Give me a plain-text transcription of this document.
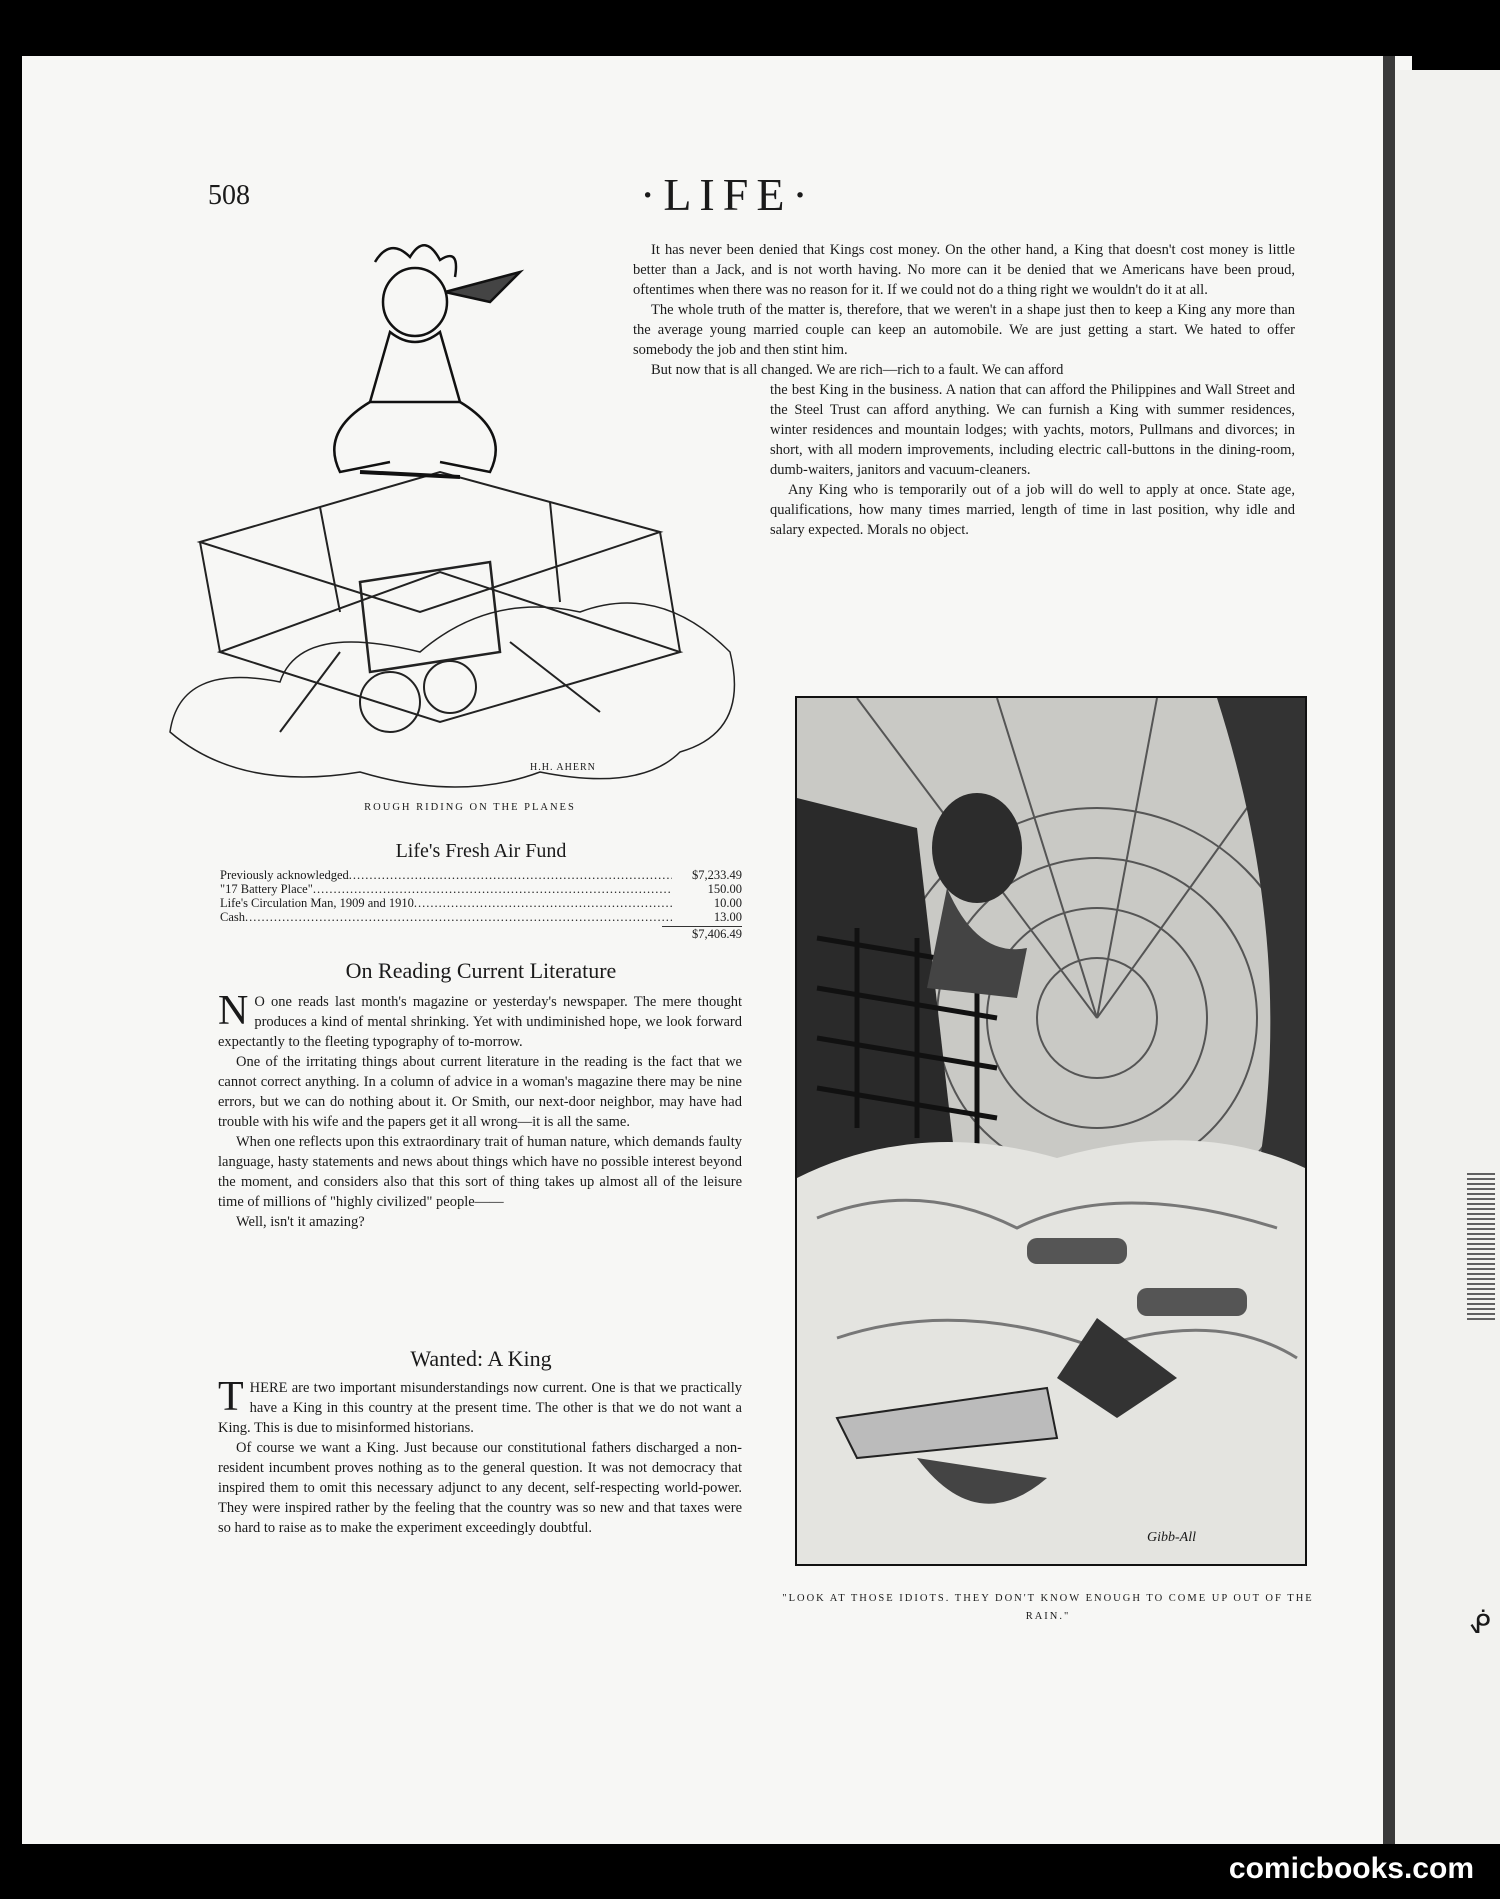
ᕶ
508	·LIFE·

It has never been denied that Kings cost money. On the other hand, a King that doesn't cost money is little better than a Jack, and is not worth having. No more can it be denied that we Americans have been proud, oftentimes when there was no reason for it. If we could not do a thing right we wouldn't do it at all.

The whole truth of the matter is, therefore, that we weren't in a shape just then to keep a King any more than the average young married couple can keep an automobile. We are just getting a start. We hated to offer somebody the job and then stint him.

But now that is all changed. We are rich—rich to a fault. We can afford

the best King in the business. A nation that can afford the Philippines and Wall Street and the Steel Trust can afford anything. We can furnish a King with summer residences, winter residences and mountain lodges; with yachts, motors, Pullmans and divorces; in short, with all modern improvements, including electric call-buttons in the dining-room, dumb-waiters, janitors and vacuum-cleaners.

Any King who is temporarily out of a job will do well to apply at once. State age, qualifications, how many times married, length of time in last position, why idle and salary expected. Morals no object.

H.H. AHERN
ROUGH RIDING ON THE PLANES
Life's Fresh Air Fund
Previously acknowledged .....	$7,233.49
"17 Battery Place" .....	150.00
Life's Circulation Man, 1909 and 1910 .....	10.00
Cash .....	13.00
$7,406.49
On Reading Current Literature

N O one reads last month's magazine or yesterday's newspaper. The mere thought produces a kind of mental shrinking. Yet with undiminished hope, we look forward expectantly to the fleeting typography of to-morrow.

One of the irritating things about current literature in the reading is the fact that we cannot correct anything. In a column of advice in a woman's magazine there may be nine errors, but we can do nothing about it. Or Smith, our next-door neighbor, may have had trouble with his wife and the papers get it all wrong—it is all the same.

When one reflects upon this extraordinary trait of human nature, which demands faulty language, hasty statements and news about things which have no possible interest beyond the moment, and considers also that this sort of thing takes up almost all of the leisure time of millions of "highly civilized" people——

Well, isn't it amazing?

Wanted: A King

THERE are two important misunderstandings now current. One is that we practically have a King in this country at the present time. The other is that we do not want a King. This is due to misinformed historians.

Of course we want a King. Just because our constitutional fathers discharged a non-resident incumbent proves nothing as to the general question. It was not democracy that inspired them to omit this necessary adjunct to any decent, self-respecting world-power. They were inspired rather by the feeling that the country was so new and that taxes were so hard to raise as to make the experiment exceedingly doubtful.

Gibb-All
"LOOK AT THOSE IDIOTS. THEY DON'T KNOW ENOUGH TO COME UP OUT OF THE RAIN."
comicbooks.com
